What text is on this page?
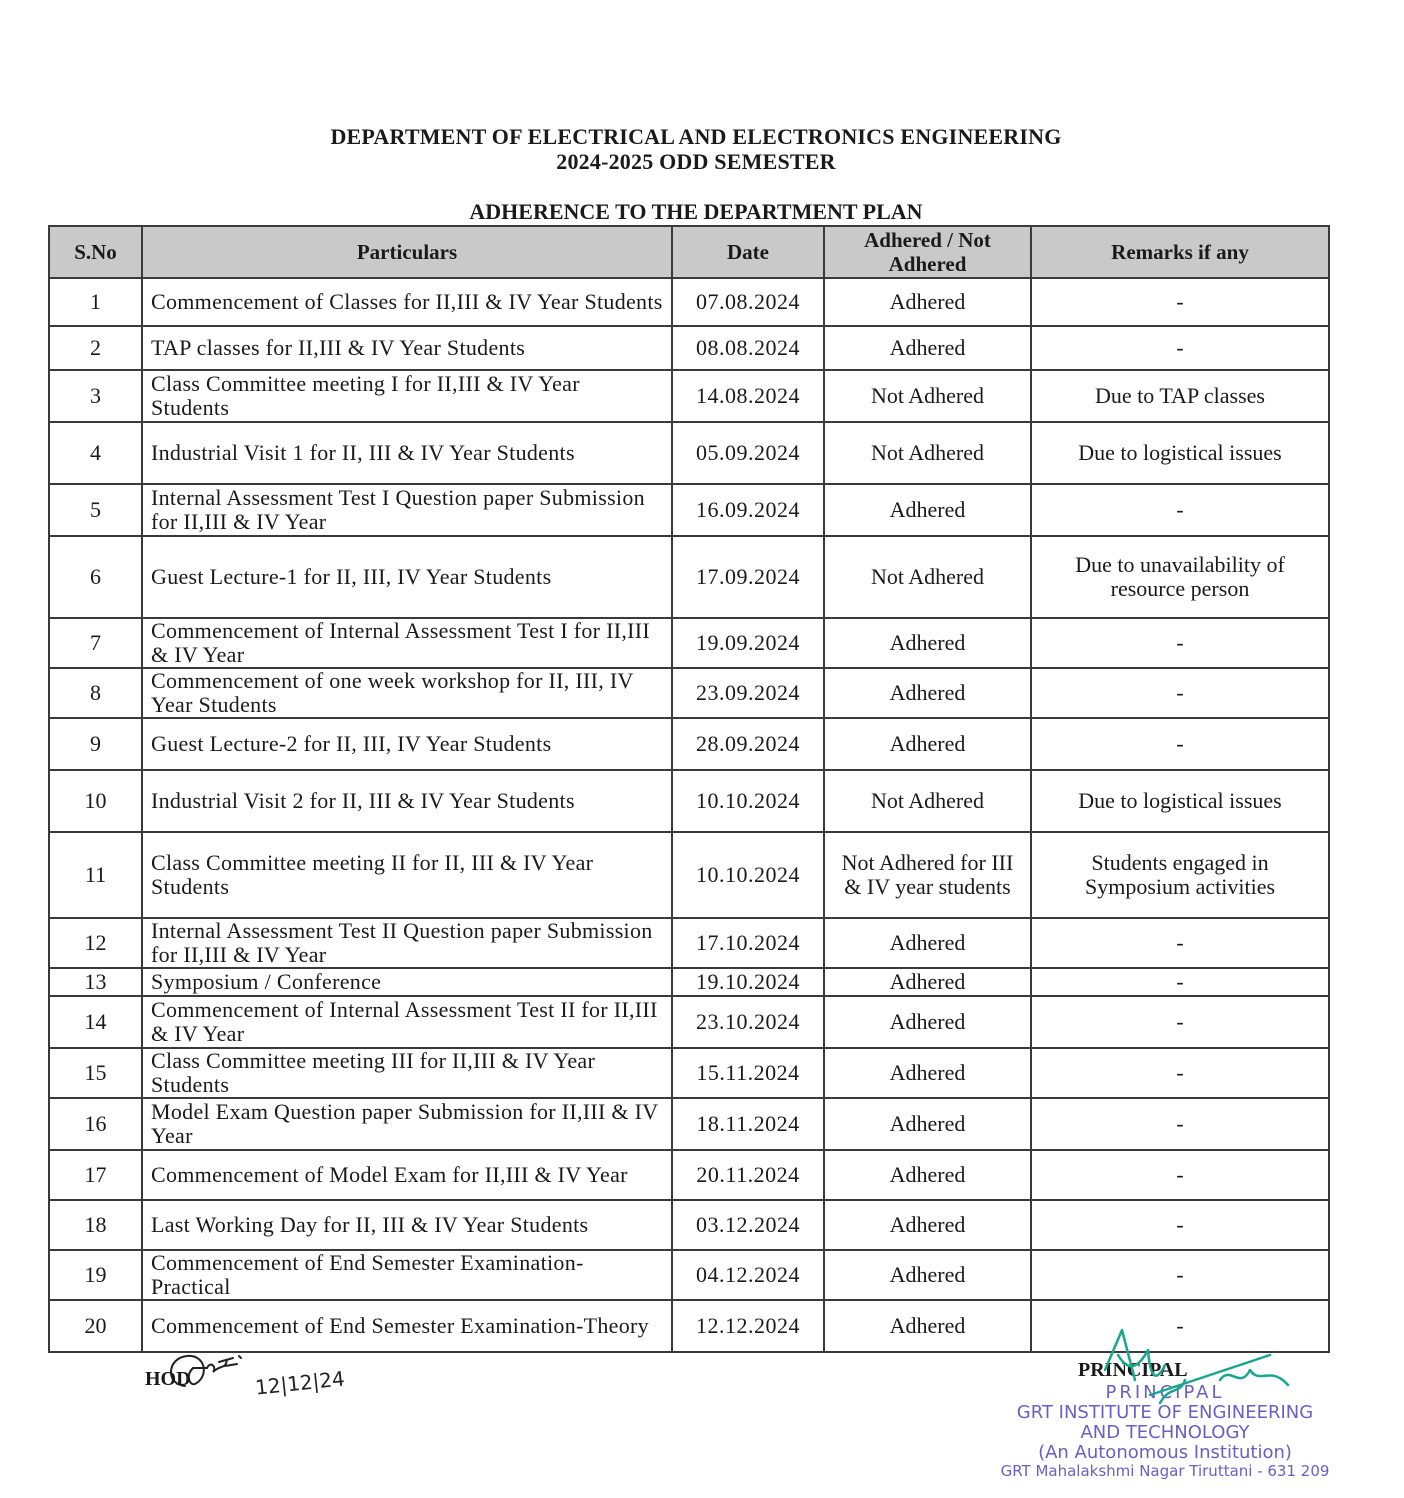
DEPARTMENT OF ELECTRICAL AND ELECTRONICS ENGINEERING
2024-2025 ODD SEMESTER
ADHERENCE TO THE DEPARTMENT PLAN
S.No	Particulars	Date	Adhered / Not Adhered	Remarks if any
1	Commencement of Classes for II,III & IV Year Students	07.08.2024	Adhered	-
2	TAP classes for II,III & IV Year Students	08.08.2024	Adhered	-
3	Class Committee meeting I for II,III & IV Year Students	14.08.2024	Not Adhered	Due to TAP classes
4	Industrial Visit 1 for II, III & IV Year Students	05.09.2024	Not Adhered	Due to logistical issues
5	Internal Assessment Test I Question paper Submission for II,III & IV Year	16.09.2024	Adhered	-
6	Guest Lecture-1 for II, III, IV Year Students	17.09.2024	Not Adhered	Due to unavailability of resource person
7	Commencement of Internal Assessment Test I for II,III & IV Year	19.09.2024	Adhered	-
8	Commencement of one week workshop for II, III, IV Year Students	23.09.2024	Adhered	-
9	Guest Lecture-2 for II, III, IV Year Students	28.09.2024	Adhered	-
10	Industrial Visit 2 for II, III & IV Year Students	10.10.2024	Not Adhered	Due to logistical issues
11	Class Committee meeting II for II, III & IV Year Students	10.10.2024	Not Adhered for III & IV year students	Students engaged in Symposium activities
12	Internal Assessment Test II Question paper Submission for II,III & IV Year	17.10.2024	Adhered	-
13	Symposium / Conference	19.10.2024	Adhered	-
14	Commencement of Internal Assessment Test II for II,III & IV Year	23.10.2024	Adhered	-
15	Class Committee meeting III for II,III & IV Year Students	15.11.2024	Adhered	-
16	Model Exam Question paper Submission for II,III & IV Year	18.11.2024	Adhered	-
17	Commencement of Model Exam for II,III & IV Year	20.11.2024	Adhered	-
18	Last Working Day for II, III & IV Year Students	03.12.2024	Adhered	-
19	Commencement of End Semester Examination-Practical	04.12.2024	Adhered	-
20	Commencement of End Semester Examination-Theory	12.12.2024	Adhered	-
HOD	12|12|24	PRINCIPAL
PRINCIPAL
GRT INSTITUTE OF ENGINEERING
AND TECHNOLOGY
(An Autonomous Institution)
GRT Mahalakshmi Nagar Tiruttani - 631 209
